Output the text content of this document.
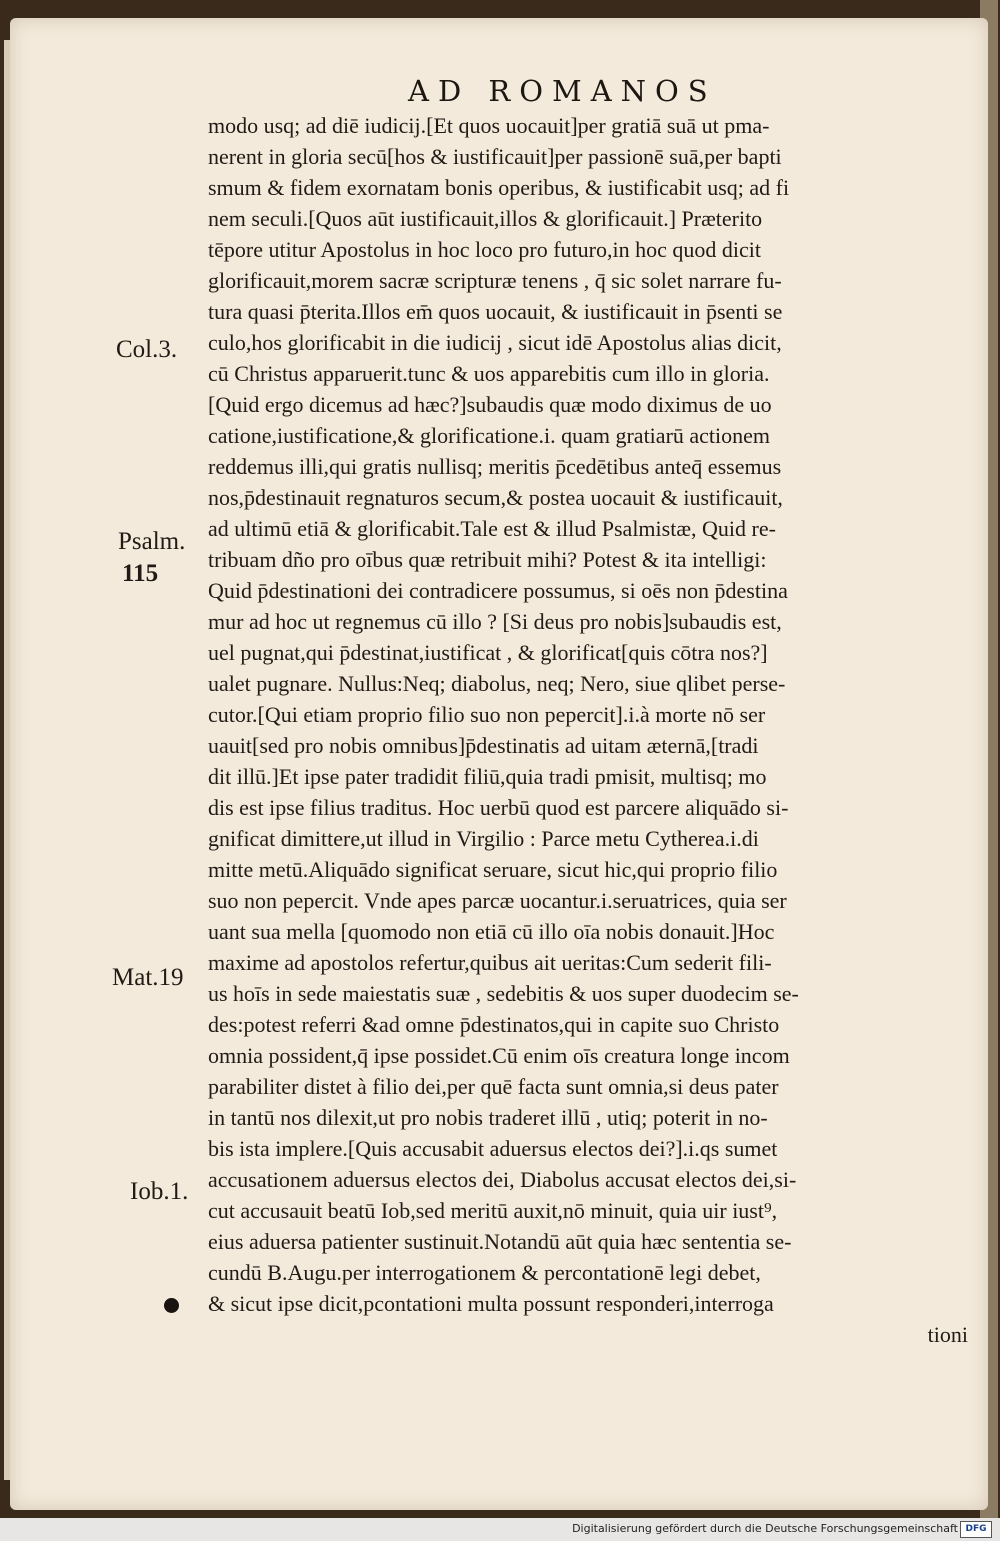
AD ROMANOS
modo usq; ad diē iudicij.[Et quos uocauit]per gratiā suā ut pma-
nerent in gloria secū[hos & iustificauit]per passionē suā,per bapti
smum & fidem exornatam bonis operibus, & iustificabit usq; ad fi
nem seculi.[Quos aūt iustificauit,illos & glorificauit.] Præterito
tēpore utitur Apostolus in hoc loco pro futuro,in hoc quod dicit
glorificauit,morem sacræ scripturæ tenens , q̄ sic solet narrare fu-
tura quasi p̄terita.Illos em̄ quos uocauit, & iustificauit in p̄senti se
culo,hos glorificabit in die iudicij , sicut idē Apostolus alias dicit,
cū Christus apparuerit.tunc & uos apparebitis cum illo in gloria.
[Quid ergo dicemus ad hæc?]subaudis quæ modo diximus de uo
catione,iustificatione,& glorificatione.i. quam gratiarū actionem
reddemus illi,qui gratis nullisq; meritis p̄cedētibus anteq̄ essemus
nos,p̄destinauit regnaturos secum,& postea uocauit & iustificauit,
ad ultimū etiā & glorificabit.Tale est & illud Psalmistæ, Quid re-
tribuam dño pro oībus quæ retribuit mihi? Potest & ita intelligi:
Quid p̄destinationi dei contradicere possumus, si oēs non p̄destina
mur ad hoc ut regnemus cū illo ? [Si deus pro nobis]subaudis est,
uel pugnat,qui p̄destinat,iustificat , & glorificat[quis cōtra nos?]
ualet pugnare. Nullus:Neq; diabolus, neq; Nero, siue qlibet perse-
cutor.[Qui etiam proprio filio suo non pepercit].i.à morte nō ser
uauit[sed pro nobis omnibus]p̄destinatis ad uitam æternā,[tradi
dit illū.]Et ipse pater tradidit filiū,quia tradi pmisit, multisq; mo
dis est ipse filius traditus. Hoc uerbū quod est parcere aliquādo si-
gnificat dimittere,ut illud in Virgilio : Parce metu Cytherea.i.di
mitte metū.Aliquādo significat seruare, sicut hic,qui proprio filio
suo non pepercit. Vnde apes parcæ uocantur.i.seruatrices, quia ser
uant sua mella [quomodo non etiā cū illo oīa nobis donauit.]Hoc
maxime ad apostolos refertur,quibus ait ueritas:Cum sederit fili-
us hoīs in sede maiestatis suæ , sedebitis & uos super duodecim se-
des:potest referri &ad omne p̄destinatos,qui in capite suo Christo
omnia possident,q̄ ipse possidet.Cū enim oīs creatura longe incom
parabiliter distet à filio dei,per quē facta sunt omnia,si deus pater
in tantū nos dilexit,ut pro nobis traderet illū , utiq; poterit in no-
bis ista implere.[Quis accusabit aduersus electos dei?].i.qs sumet
accusationem aduersus electos dei, Diabolus accusat electos dei,si-
cut accusauit beatū Iob,sed meritū auxit,nō minuit, quia uir iust⁹,
eius aduersa patienter sustinuit.Notandū aūt quia hæc sententia se-
cundū B.Augu.per interrogationem & percontationē legi debet,
& sicut ipse dicit,pcontationi multa possunt responderi,interroga
tioni
Col.3.
Psalm.
115
Mat.19
Iob.1.
Digitalisierung gefördert durch die Deutsche Forschungsgemeinschaft DFG
